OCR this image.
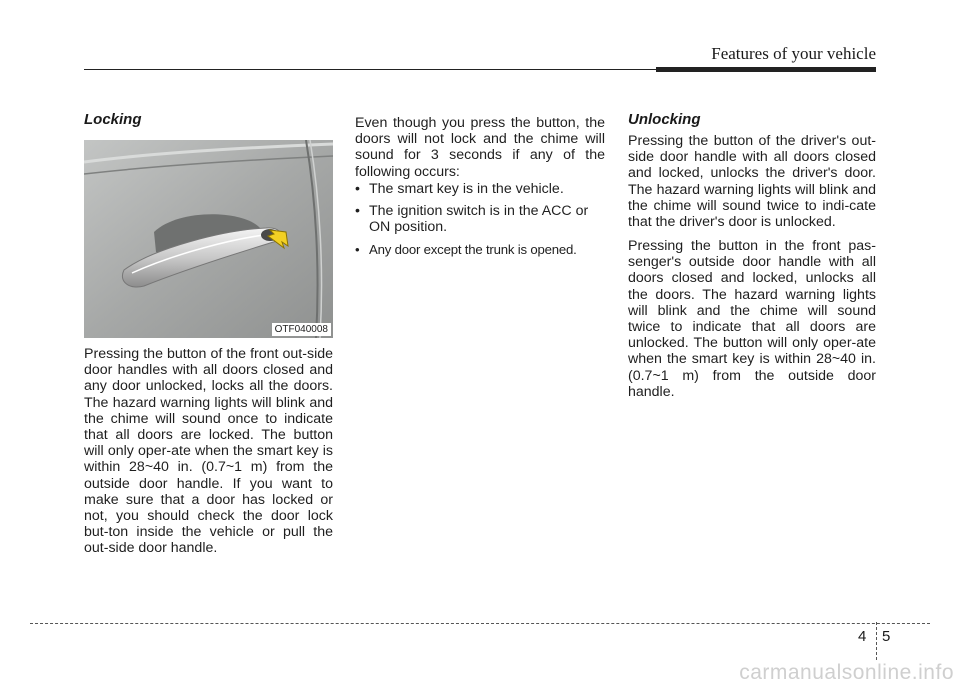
Features of your vehicle
Locking
OTF040008

Pressing the button of the front out-side door handles with all doors closed and any door unlocked, locks all the doors. The hazard warning lights will blink and the chime will sound once to indicate that all doors are locked. The button will only oper-ate when the smart key is within 28~40 in. (0.7~1 m) from the outside door handle. If you want to make sure that a door has locked or not, you should check the door lock but-ton inside the vehicle or pull the out-side door handle.

Even though you press the button, the doors will not lock and the chime will sound for 3 seconds if any of the following occurs:

• The smart key is in the vehicle.
• The ignition switch is in the ACC or ON position.
• Any door except the trunk is opened.
Unlocking

Pressing the button of the driver's out-side door handle with all doors closed and locked, unlocks the driver's door. The hazard warning lights will blink and the chime will sound twice to indi-cate that the driver's door is unlocked.

Pressing the button in the front pas-senger's outside door handle with all doors closed and locked, unlocks all the doors. The hazard warning lights will blink and the chime will sound twice to indicate that all doors are unlocked. The button will only oper-ate when the smart key is within 28~40 in. (0.7~1 m) from the outside door handle.

4 5
carmanualsonline.info
